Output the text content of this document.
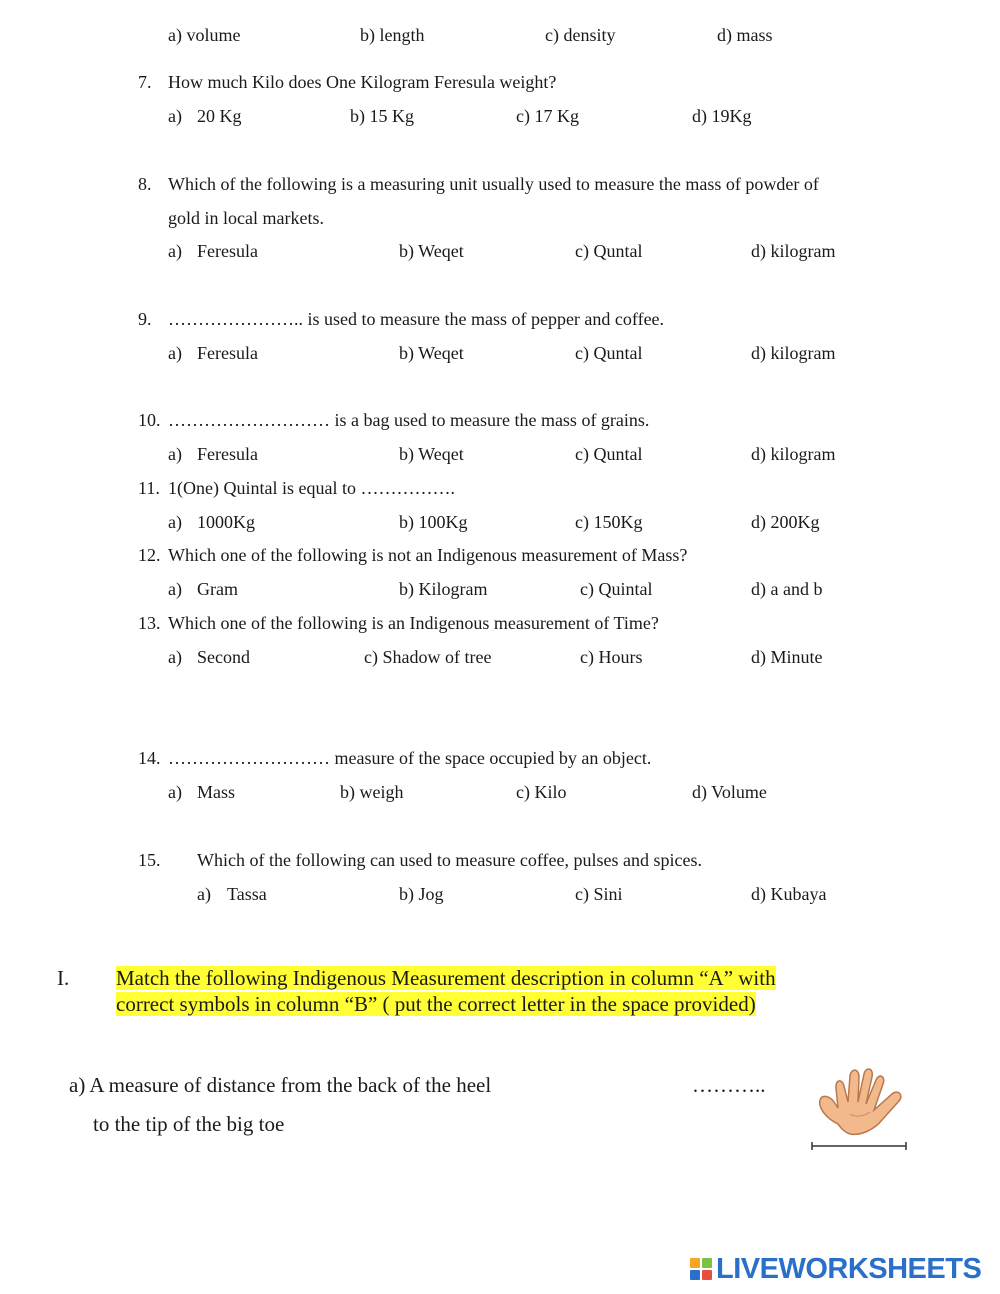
a) volume	b) length	c) density	d) mass
7. How much Kilo does One Kilogram Feresula weight?
a) 20 Kg	b) 15 Kg	c) 17 Kg	d) 19Kg
8. Which of the following is a measuring unit usually used to measure the mass of powder of
gold in local markets.
a) Feresula	b) Weqet	c) Quntal	d) kilogram
9. ………………….. is used to measure the mass of pepper and coffee.
a) Feresula	b) Weqet	c) Quntal	d) kilogram
10. ……………………… is a bag used to measure the mass of grains.
a) Feresula	b) Weqet	c) Quntal	d) kilogram
11. 1(One) Quintal is equal to …………….
a) 1000Kg	b) 100Kg	c) 150Kg	d) 200Kg
12. Which one of the following is not an Indigenous measurement of Mass?
a) Gram	b) Kilogram	c) Quintal	d) a and b
13. Which one of the following is an Indigenous measurement of Time?
a) Second	c) Shadow of tree	c) Hours	d) Minute
14. ……………………… measure of the space occupied by an object.
a) Mass	b) weigh	c) Kilo	d) Volume
15. Which of the following can used to measure coffee, pulses and spices.
a) Tassa	b) Jog	c) Sini	d) Kubaya
I. Match the following Indigenous Measurement description in column “A” with
correct symbols in column “B” ( put the correct letter in the space provided)
a) A measure of distance from the back of the heel
to the tip of the big toe
………..
LIVEWORKSHEETS
